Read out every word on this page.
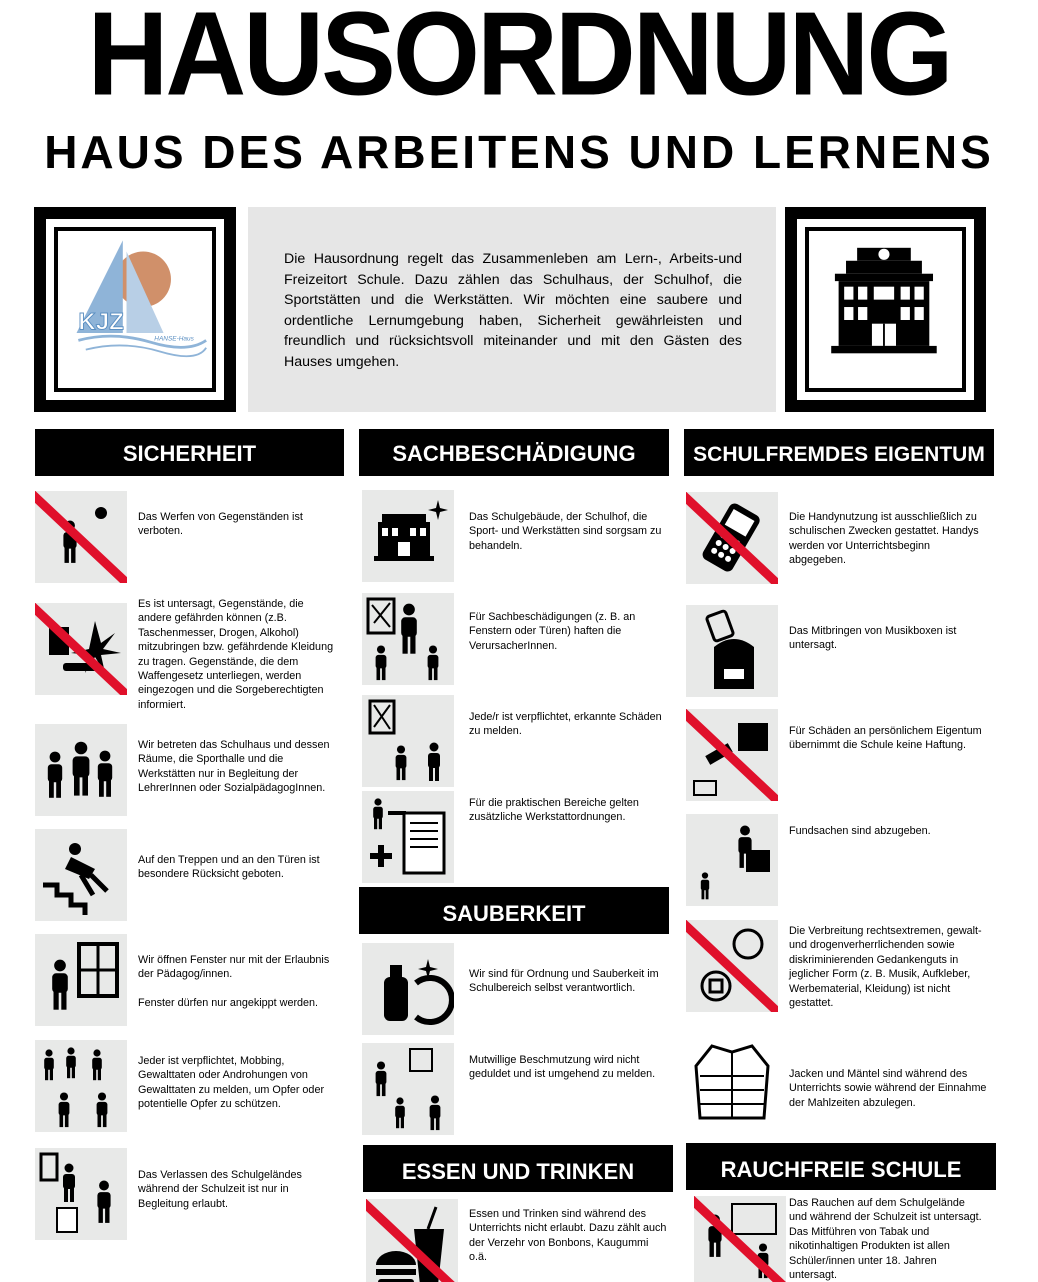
HAUSORDNUNG
HAUS DES ARBEITENS UND LERNENS
KJZ
HANSE-Haus

Die Hausordnung regelt das Zusammenleben am Lern-, Arbeits-und Freizeitort Schule. Dazu zählen das Schulhaus, der Schulhof, die Sportstätten und die Werkstätten. Wir möchten eine saubere und ordentliche Lernumgebung haben, Sicherheit gewährleisten und freundlich und rücksichtsvoll miteinander und mit den Gästen des Hauses umgehen.

SICHERHEIT	SACHBESCHÄDIGUNG	SCHULFREMDES EIGENTUM
SAUBERKEIT
ESSEN UND TRINKEN	RAUCHFREIE SCHULE
Das Werfen von Gegenständen ist verboten.
Es ist untersagt, Gegenstände, die andere gefährden können (z.B. Taschenmesser, Drogen, Alkohol) mitzubringen bzw. gefährdende Kleidung zu tragen. Gegenstände, die dem Waffengesetz unterliegen, werden eingezogen und die Sorgeberechtigten informiert.
Wir betreten das Schulhaus und dessen Räume, die Sporthalle und die Werkstätten nur in Begleitung der LehrerInnen oder SozialpädagogInnen.
Auf den Treppen und an den Türen ist besondere Rücksicht geboten.

Wir öffnen Fenster nur mit der Erlaubnis der Pädagog/innen.

Fenster dürfen nur angekippt werden.

Jeder ist verpflichtet, Mobbing, Gewalttaten oder Androhungen von Gewalttaten zu melden, um Opfer oder potentielle Opfer zu schützen.
Das Verlassen des Schulgeländes während der Schulzeit ist nur in Begleitung erlaubt.
Das Schulgebäude, der Schulhof, die Sport- und Werkstätten sind sorgsam zu behandeln.
Für Sachbeschädigungen (z. B. an Fenstern oder Türen) haften die VerursacherInnen.
Jede/r ist verpflichtet, erkannte Schäden zu melden.
Für die praktischen Bereiche gelten zusätzliche Werkstattordnungen.
Wir sind für Ordnung und Sauberkeit im Schulbereich selbst verantwortlich.
Mutwillige Beschmutzung wird nicht geduldet und ist umgehend zu melden.
Essen und Trinken sind während des Unterrichts nicht erlaubt. Dazu zählt auch der Verzehr von Bonbons, Kaugummi o.ä.
Die Handynutzung ist ausschließlich zu schulischen Zwecken gestattet. Handys werden vor Unterrichtsbeginn abgegeben.
Das Mitbringen von Musikboxen ist untersagt.
Für Schäden an persönlichem Eigentum übernimmt die Schule keine Haftung.
Fundsachen sind abzugeben.
Die Verbreitung rechtsextremen, gewalt- und drogenverherrlichenden sowie diskriminierenden Gedankenguts in jeglicher Form (z. B. Musik, Aufkleber, Werbematerial, Kleidung) ist nicht gestattet.
Jacken und Mäntel sind während des Unterrichts sowie während der Einnahme der Mahlzeiten abzulegen.
Das Rauchen auf dem Schulgelände und während der Schulzeit ist untersagt. Das Mitführen von Tabak und nikotinhaltigen Produkten ist allen Schüler/innen unter 18. Jahren untersagt.
